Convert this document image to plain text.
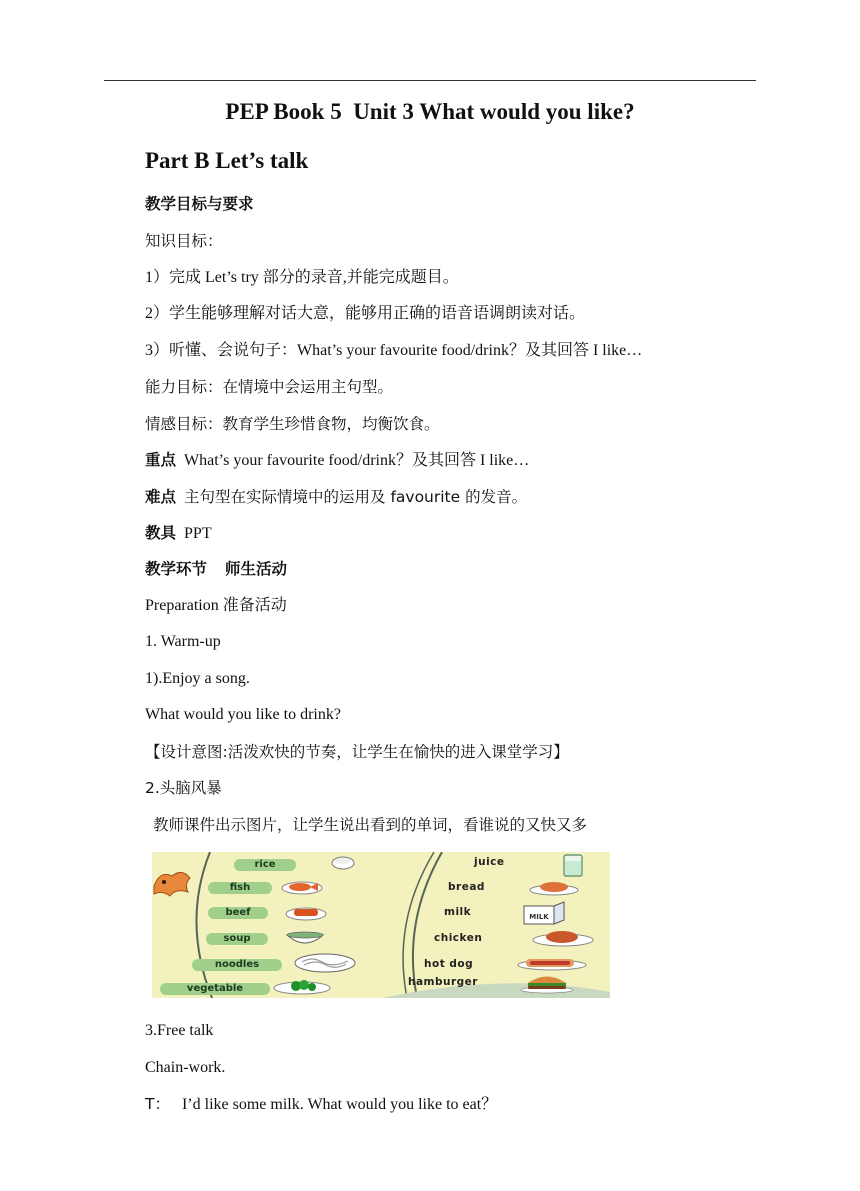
PEP Book 5  Unit 3 What would you like?
Part B Let’s talk
教学目标与要求
知识目标：
1）完成 Let’s try 部分的录音,并能完成题目。
2）学生能够理解对话大意，能够用正确的语音语调朗读对话。
3）听懂、会说句子：What’s your favourite food/drink？及其回答 I like…
能力目标：在情境中会运用主句型。
情感目标：教育学生珍惜食物，均衡饮食。
重点 What’s your favourite food/drink？及其回答 I like…
难点 主句型在实际情境中的运用及 favourite 的发音。
教具 PPT
教学环节 师生活动
Preparation 准备活动
1. Warm-up
1).Enjoy a song.
What would you like to drink?
【设计意图:活泼欢快的节奏，让学生在愉快的进入课堂学习】
2.头脑风暴
教师课件出示图片，让学生说出看到的单词，看谁说的又快又多
rice
fish
beef
soup
noodles
vegetable
juice
bread
milk
chicken
hot dog
hamburger
MILK
3.Free talk
Chain-work.
T： I’d like some milk. What would you like to eat？
